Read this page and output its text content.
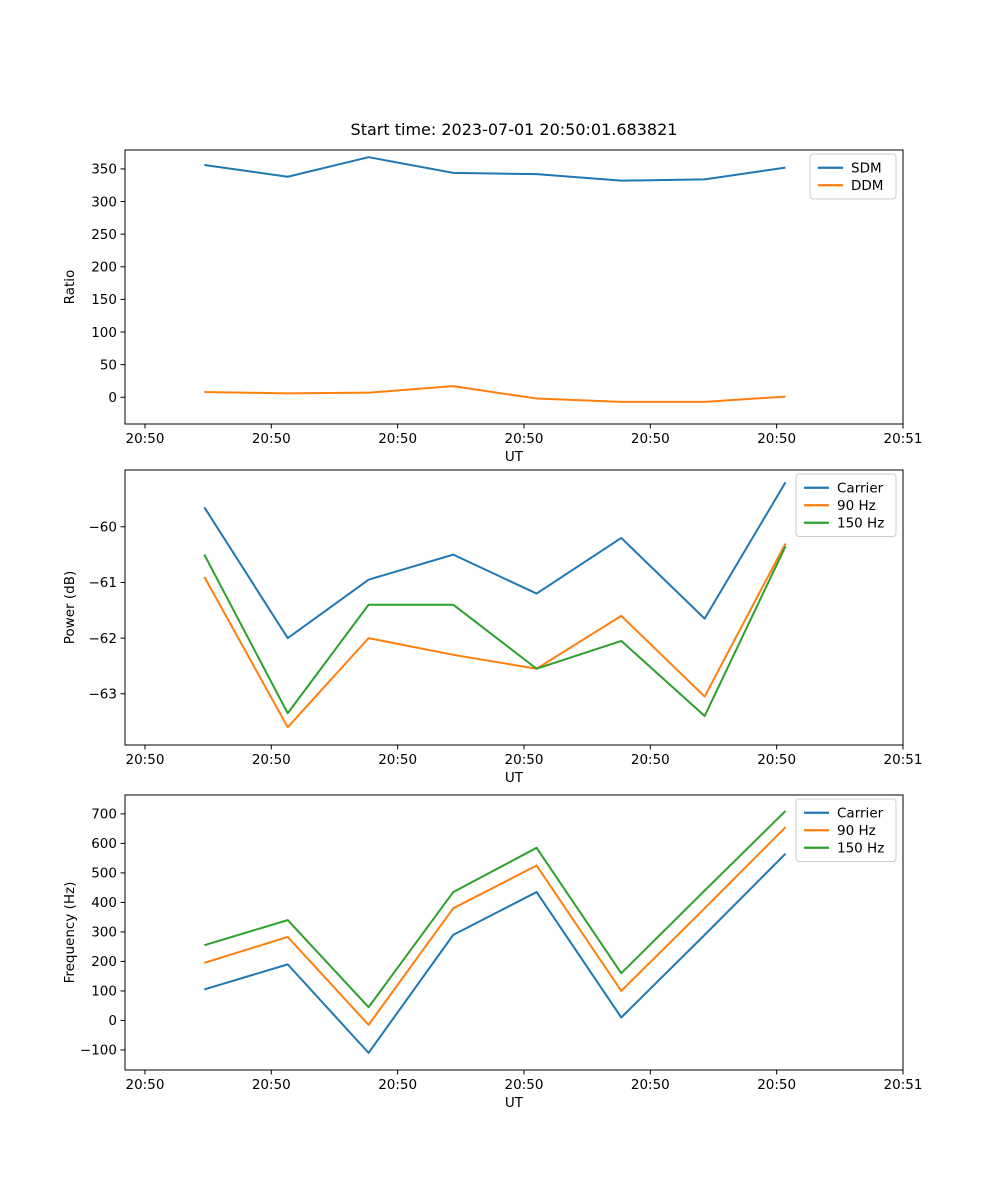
Start time: 2023-07-01 20:50:01.683821
20:50	20:50	20:50	20:50	20:50	20:50	20:51
0
50
100
150
200
250
300
350
UT
Ratio
SDM
DDM
20:50	20:50	20:50	20:50	20:50	20:50	20:51
−63
−62
−61
−60
UT
Power (dB)
Carrier
90 Hz
150 Hz
20:50	20:50	20:50	20:50	20:50	20:50	20:51
−100
0
100
200
300
400
500
600
700
UT
Frequency (Hz)
Carrier
90 Hz
150 Hz
